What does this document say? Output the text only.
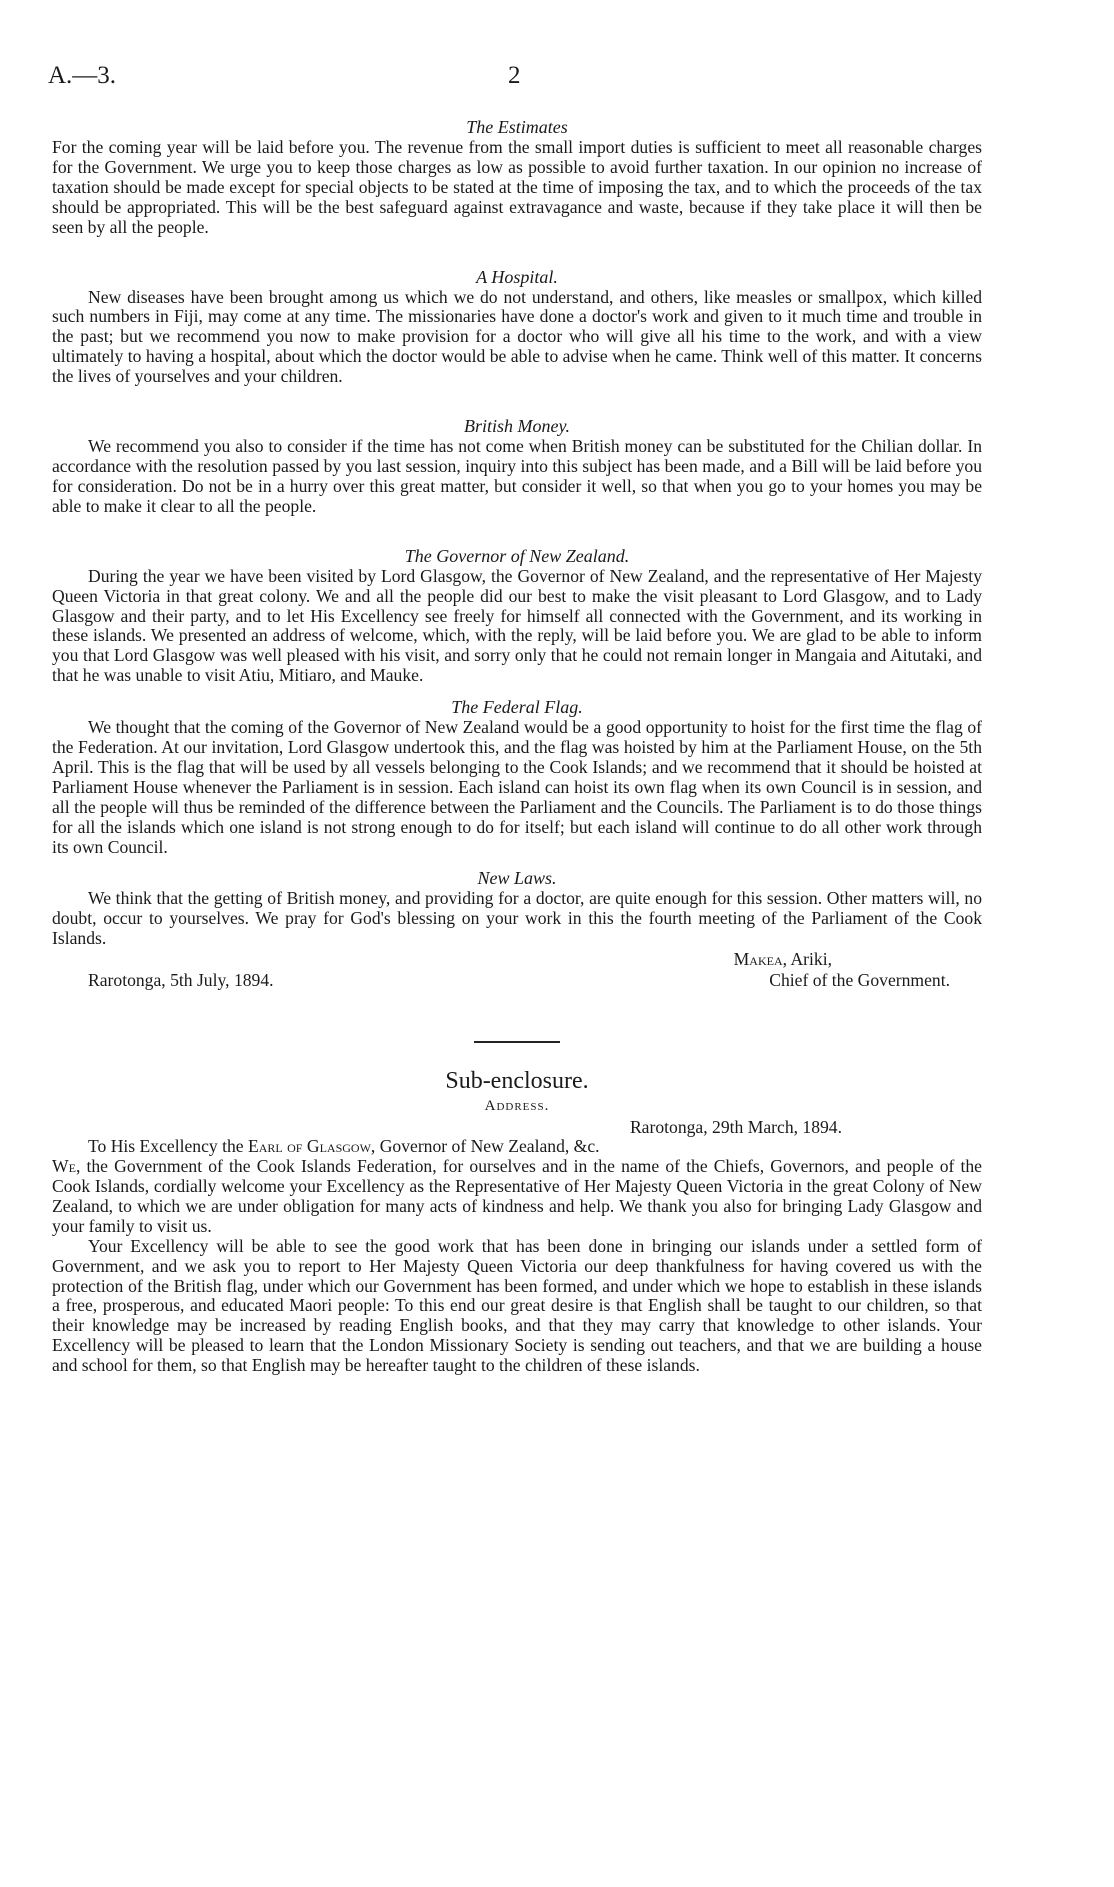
A.—3.	2
The Estimates

For the coming year will be laid before you. The revenue from the small import duties is sufficient to meet all reasonable charges for the Government. We urge you to keep those charges as low as possible to avoid further taxation. In our opinion no increase of taxation should be made except for special objects to be stated at the time of imposing the tax, and to which the proceeds of the tax should be appropriated. This will be the best safeguard against extravagance and waste, because if they take place it will then be seen by all the people.

A Hospital.

New diseases have been brought among us which we do not understand, and others, like measles or smallpox, which killed such numbers in Fiji, may come at any time. The missionaries have done a doctor's work and given to it much time and trouble in the past; but we recommend you now to make provision for a doctor who will give all his time to the work, and with a view ultimately to having a hospital, about which the doctor would be able to advise when he came. Think well of this matter. It concerns the lives of yourselves and your children.

British Money.

We recommend you also to consider if the time has not come when British money can be substituted for the Chilian dollar. In accordance with the resolution passed by you last session, inquiry into this subject has been made, and a Bill will be laid before you for consideration. Do not be in a hurry over this great matter, but consider it well, so that when you go to your homes you may be able to make it clear to all the people.

The Governor of New Zealand.

During the year we have been visited by Lord Glasgow, the Governor of New Zealand, and the representative of Her Majesty Queen Victoria in that great colony. We and all the people did our best to make the visit pleasant to Lord Glasgow, and to Lady Glasgow and their party, and to let His Excellency see freely for himself all connected with the Government, and its working in these islands. We presented an address of welcome, which, with the reply, will be laid before you. We are glad to be able to inform you that Lord Glasgow was well pleased with his visit, and sorry only that he could not remain longer in Mangaia and Aitutaki, and that he was unable to visit Atiu, Mitiaro, and Mauke.

The Federal Flag.

We thought that the coming of the Governor of New Zealand would be a good opportunity to hoist for the first time the flag of the Federation. At our invitation, Lord Glasgow undertook this, and the flag was hoisted by him at the Parliament House, on the 5th April. This is the flag that will be used by all vessels belonging to the Cook Islands; and we recommend that it should be hoisted at Parliament House whenever the Parliament is in session. Each island can hoist its own flag when its own Council is in session, and all the people will thus be reminded of the difference between the Parliament and the Councils. The Parliament is to do those things for all the islands which one island is not strong enough to do for itself; but each island will continue to do all other work through its own Council.

New Laws.

We think that the getting of British money, and providing for a doctor, are quite enough for this session. Other matters will, no doubt, occur to yourselves. We pray for God's blessing on your work in this the fourth meeting of the Parliament of the Cook Islands.

Makea, Ariki,
Rarotonga, 5th July, 1894.	Chief of the Government.
Sub-enclosure.
Address.
Rarotonga, 29th March, 1894.

To His Excellency the Earl of Glasgow, Governor of New Zealand, &c.

We, the Government of the Cook Islands Federation, for ourselves and in the name of the Chiefs, Governors, and people of the Cook Islands, cordially welcome your Excellency as the Representative of Her Majesty Queen Victoria in the great Colony of New Zealand, to which we are under obligation for many acts of kindness and help. We thank you also for bringing Lady Glasgow and your family to visit us.

Your Excellency will be able to see the good work that has been done in bringing our islands under a settled form of Government, and we ask you to report to Her Majesty Queen Victoria our deep thankfulness for having covered us with the protection of the British flag, under which our Government has been formed, and under which we hope to establish in these islands a free, prosperous, and educated Maori people: To this end our great desire is that English shall be taught to our children, so that their knowledge may be increased by reading English books, and that they may carry that knowledge to other islands. Your Excellency will be pleased to learn that the London Missionary Society is sending out teachers, and that we are building a house and school for them, so that English may be hereafter taught to the children of these islands.
